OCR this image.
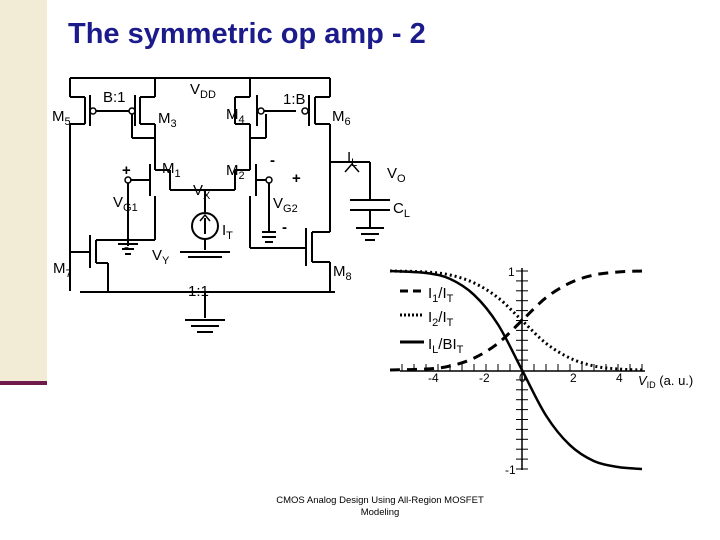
The symmetric op amp - 2
$V_{DD}$
B:1	1:B
$M_5$	$M_3$
$M_4$	$M_6$
$M_1$	$M_2$
$V_X$
$V_{G1}$	$V_{G2}$
$I_T$
$I_L$
$V_O$
$C_L$
$V_Y$
$M_7$	$M_8$
1:1
+
-
+
-
-
-4	-2 0	2	4
1
-1
$V_{ID}$ (a. u.)
$I_1/I_T$
$I_2/I_T$
$I_L/BI_T$
CMOS Analog Design Using All-Region MOSFET
Modeling
